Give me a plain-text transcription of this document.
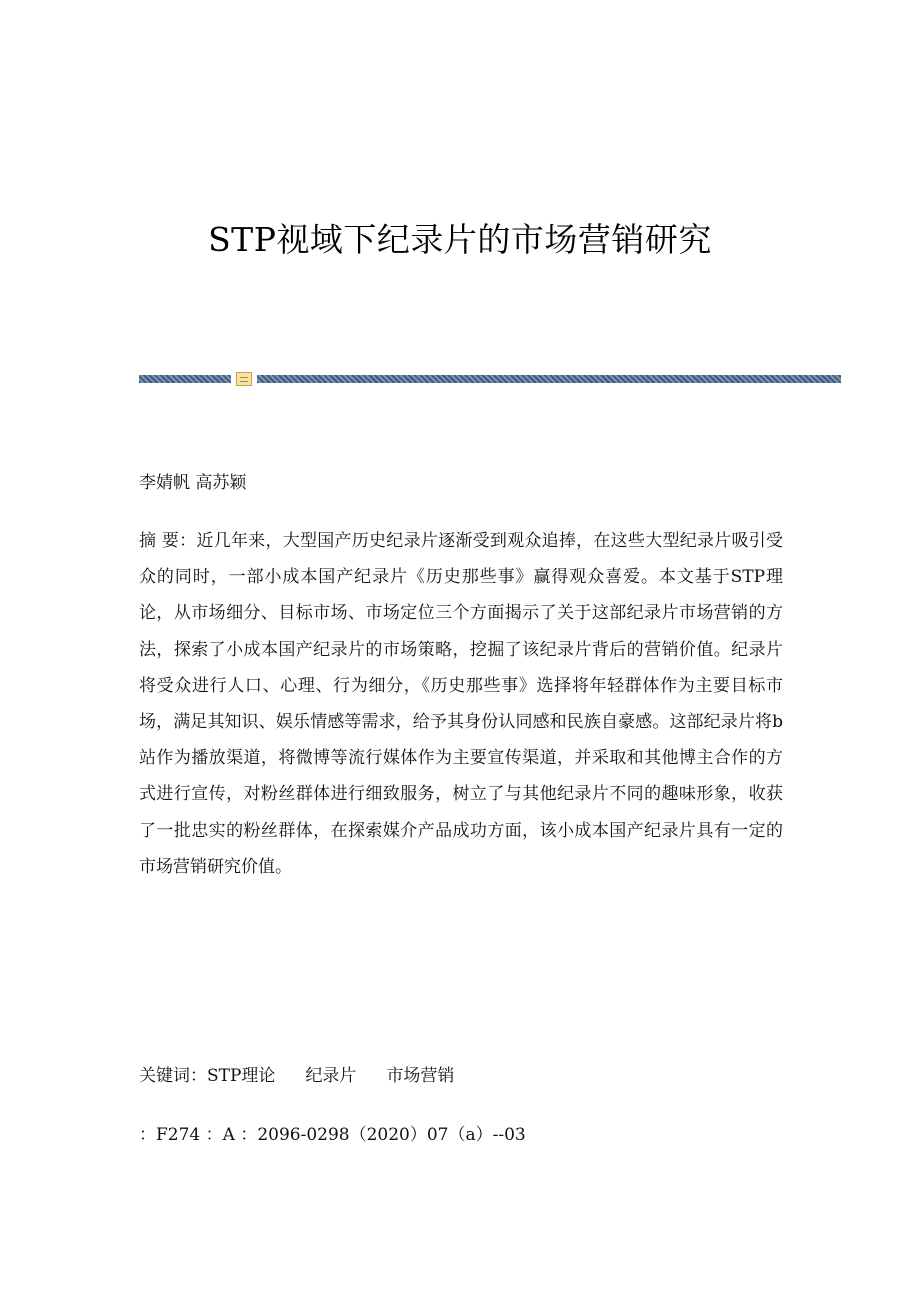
STP视域下纪录片的市场营销研究
李婧帆 高苏颖
摘 要：近几年来，大型国产历史纪录片逐渐受到观众追捧，在这些大型纪录片吸引受众的同时，一部小成本国产纪录片《历史那些事》赢得观众喜爱。本文基于STP理论，从市场细分、目标市场、市场定位三个方面揭示了关于这部纪录片市场营销的方法，探索了小成本国产纪录片的市场策略，挖掘了该纪录片背后的营销价值。纪录片将受众进行人口、心理、行为细分，《历史那些事》选择将年轻群体作为主要目标市场，满足其知识、娱乐情感等需求，给予其身份认同感和民族自豪感。这部纪录片将b站作为播放渠道，将微博等流行媒体作为主要宣传渠道，并采取和其他博主合作的方式进行宣传，对粉丝群体进行细致服务，树立了与其他纪录片不同的趣味形象，收获了一批忠实的粉丝群体，在探索媒介产品成功方面，该小成本国产纪录片具有一定的市场营销研究价值。
关键词：STP理论 纪录片 市场营销
：F274 ：A ：2096-0298（2020）07（a）--03
